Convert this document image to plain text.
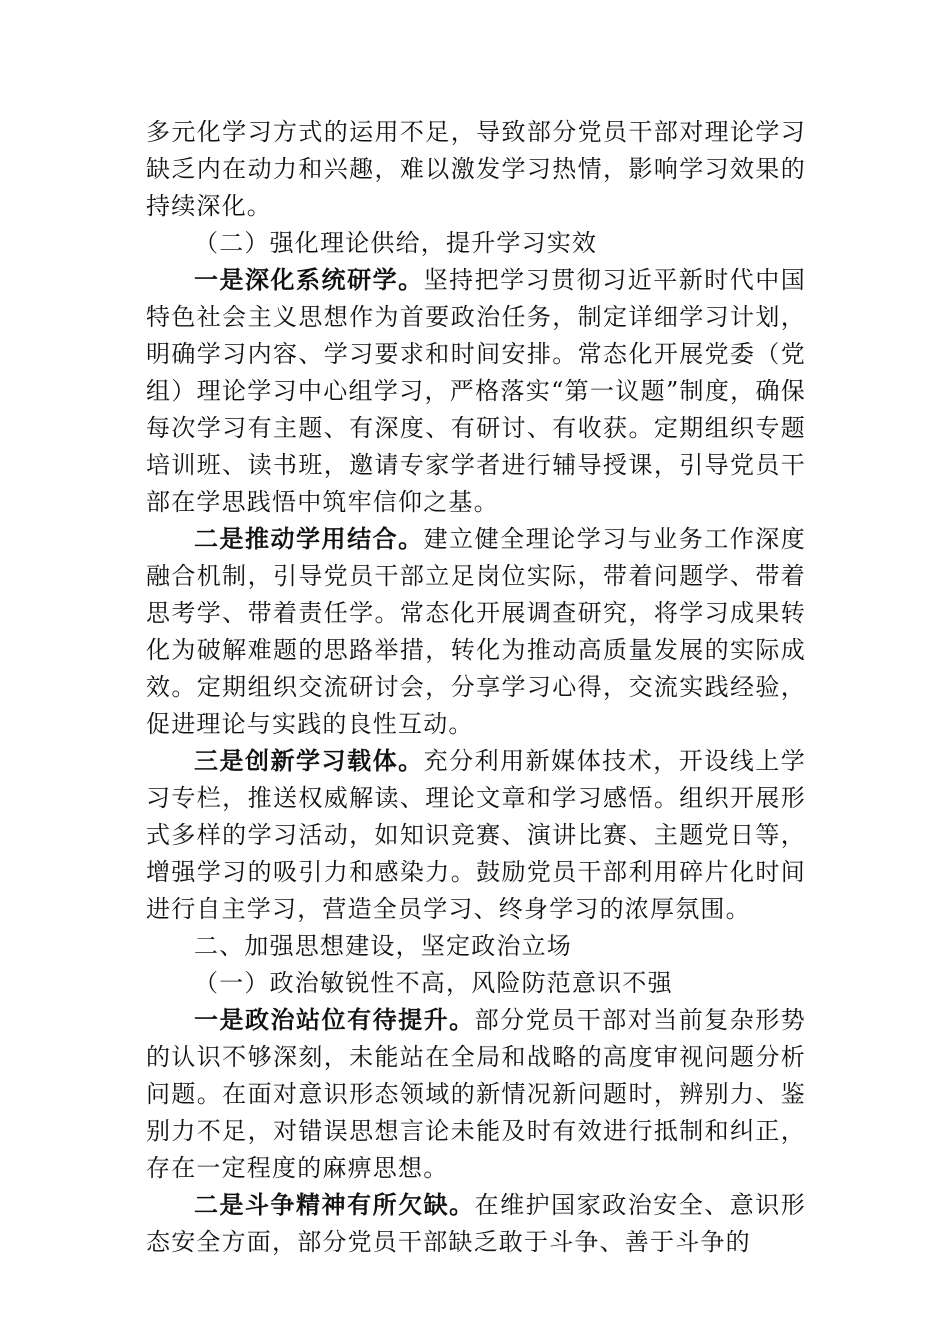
多元化学习方式的运用不足，导致部分党员干部对理论学习缺乏内在动力和兴趣，难以激发学习热情，影响学习效果的持续深化。

（二）强化理论供给，提升学习实效

一是深化系统研学。坚持把学习贯彻习近平新时代中国特色社会主义思想作为首要政治任务，制定详细学习计划，明确学习内容、学习要求和时间安排。常态化开展党委（党组）理论学习中心组学习，严格落实“第一议题”制度，确保每次学习有主题、有深度、有研讨、有收获。定期组织专题培训班、读书班，邀请专家学者进行辅导授课，引导党员干部在学思践悟中筑牢信仰之基。

二是推动学用结合。建立健全理论学习与业务工作深度融合机制，引导党员干部立足岗位实际，带着问题学、带着思考学、带着责任学。常态化开展调查研究，将学习成果转化为破解难题的思路举措，转化为推动高质量发展的实际成效。定期组织交流研讨会，分享学习心得，交流实践经验，促进理论与实践的良性互动。

三是创新学习载体。充分利用新媒体技术，开设线上学习专栏，推送权威解读、理论文章和学习感悟。组织开展形式多样的学习活动，如知识竞赛、演讲比赛、主题党日等，增强学习的吸引力和感染力。鼓励党员干部利用碎片化时间进行自主学习，营造全员学习、终身学习的浓厚氛围。

二、加强思想建设，坚定政治立场

（一）政治敏锐性不高，风险防范意识不强

一是政治站位有待提升。部分党员干部对当前复杂形势的认识不够深刻，未能站在全局和战略的高度审视问题分析问题。在面对意识形态领域的新情况新问题时，辨别力、鉴别力不足，对错误思想言论未能及时有效进行抵制和纠正，存在一定程度的麻痹思想。

二是斗争精神有所欠缺。在维护国家政治安全、意识形态安全方面，部分党员干部缺乏敢于斗争、善于斗争的
